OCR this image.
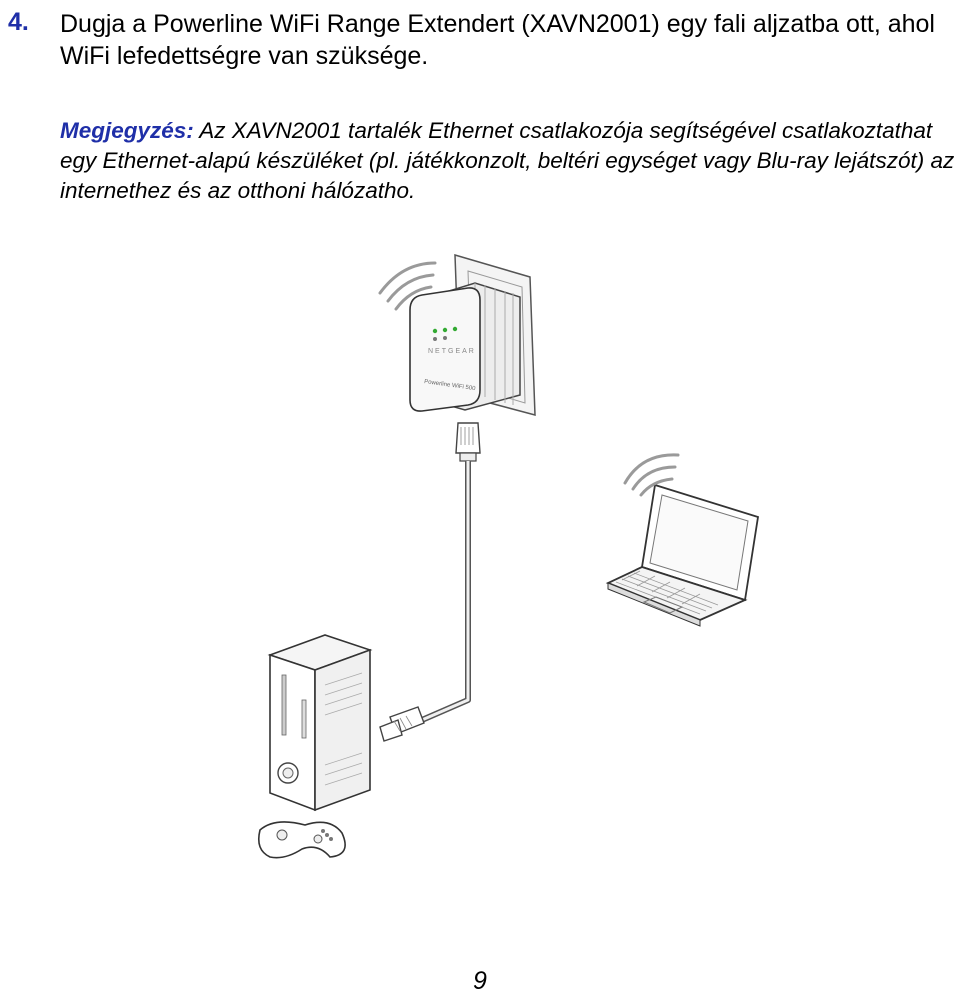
4. Dugja a Powerline WiFi Range Extendert (XAVN2001) egy fali aljzatba ott, ahol WiFi lefedettségre van szüksége.
Megjegyzés: Az XAVN2001 tartalék Ethernet csatlakozója segítségével csatlakoztathat egy Ethernet-alapú készüléket (pl. játékkonzolt, beltéri egységet vagy Blu-ray lejátszót) az internethez és az otthoni hálózatho.
NETGEAR
Powerline WiFi 500
9
